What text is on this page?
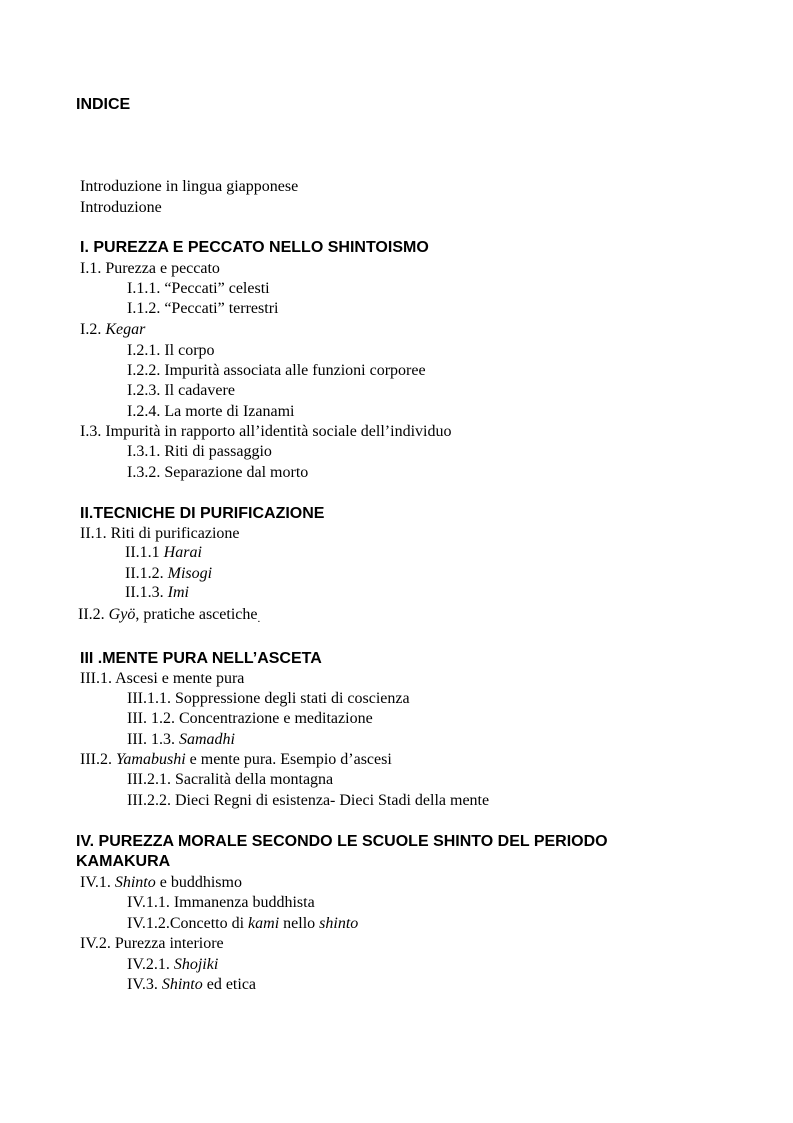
INDICE
Introduzione in lingua giapponese
Introduzione
I. PUREZZA E PECCATO NELLO SHINTOISMO
I.1. Purezza e peccato
I.1.1. “Peccati” celesti
I.1.2. “Peccati” terrestri
I.2. Kegar
I.2.1. Il corpo
I.2.2. Impurità associata alle funzioni corporee
I.2.3. Il cadavere
I.2.4. La morte di Izanami
I.3. Impurità in rapporto all’identità sociale dell’individuo
I.3.1. Riti di passaggio
I.3.2. Separazione dal morto
II.TECNICHE DI PURIFICAZIONE
II.1. Riti di purificazione
II.1.1 Harai
II.1.2. Misogi
II.1.3. Imi
II.2. Gyö, pratiche ascetiche.
III .MENTE PURA NELL’ASCETA
III.1. Ascesi e mente pura
III.1.1. Soppressione degli stati di coscienza
III. 1.2. Concentrazione e meditazione
III. 1.3. Samadhi
III.2. Yamabushi e mente pura. Esempio d’ascesi
III.2.1. Sacralità della montagna
III.2.2. Dieci Regni di esistenza- Dieci Stadi della mente
IV. PUREZZA MORALE SECONDO LE SCUOLE SHINTO DEL PERIODO
KAMAKURA
IV.1. Shinto e buddhismo
IV.1.1. Immanenza buddhista
IV.1.2.Concetto di kami nello shinto
IV.2. Purezza interiore
IV.2.1. Shojiki
IV.3. Shinto ed etica
